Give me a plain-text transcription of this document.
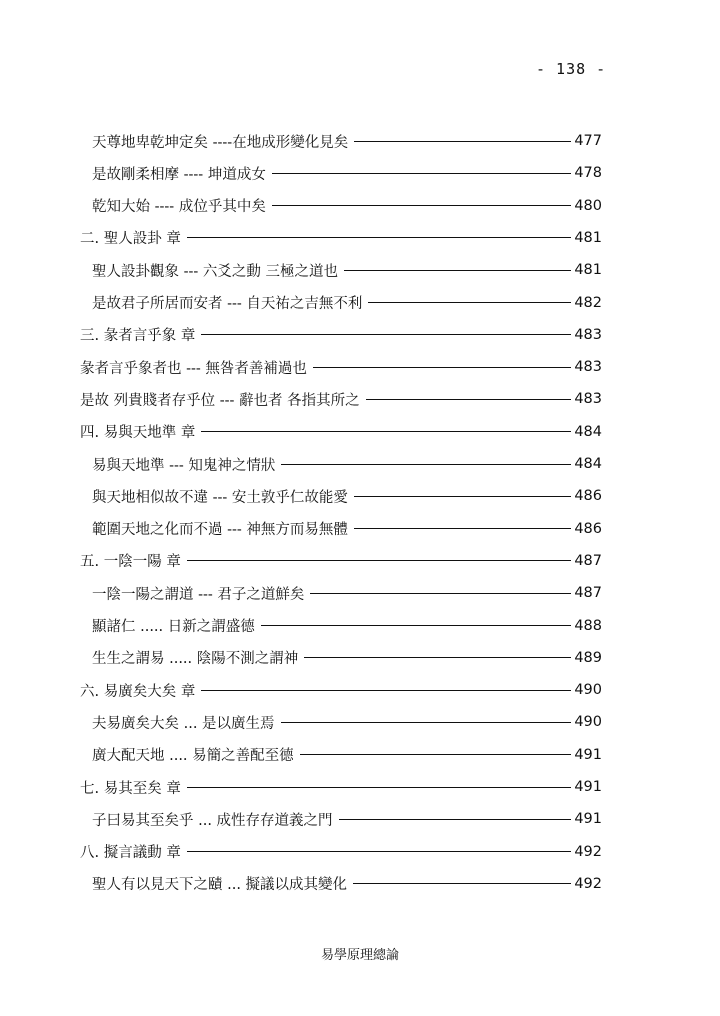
- 138 -
天尊地卑乾坤定矣 ----在地成形變化見矣	477
是故剛柔相摩 ---- 坤道成女	478
乾知大始 ---- 成位乎其中矣	480
二. 聖人設卦 章	481
聖人設卦觀象 --- 六爻之動 三極之道也	481
是故君子所居而安者 --- 自天祐之吉無不利	482
三. 彖者言乎象 章	483
彖者言乎象者也 --- 無咎者善補過也	483
是故 列貴賤者存乎位 --- 辭也者 各指其所之	483
四. 易與天地準 章	484
易與天地準 --- 知鬼神之情狀	484
與天地相似故不違 --- 安土敦乎仁故能愛	486
範圍天地之化而不過 --- 神無方而易無體	486
五. 一陰一陽 章	487
一陰一陽之謂道 --- 君子之道鮮矣	487
顯諸仁 ..... 日新之謂盛德	488
生生之謂易 ..... 陰陽不測之謂神	489
六. 易廣矣大矣 章	490
夫易廣矣大矣 ... 是以廣生焉	490
廣大配天地 .... 易簡之善配至德	491
七. 易其至矣 章	491
子曰易其至矣乎 ... 成性存存道義之門	491
八. 擬言議動 章	492
聖人有以見天下之賾 ... 擬議以成其變化	492
易學原理總論
